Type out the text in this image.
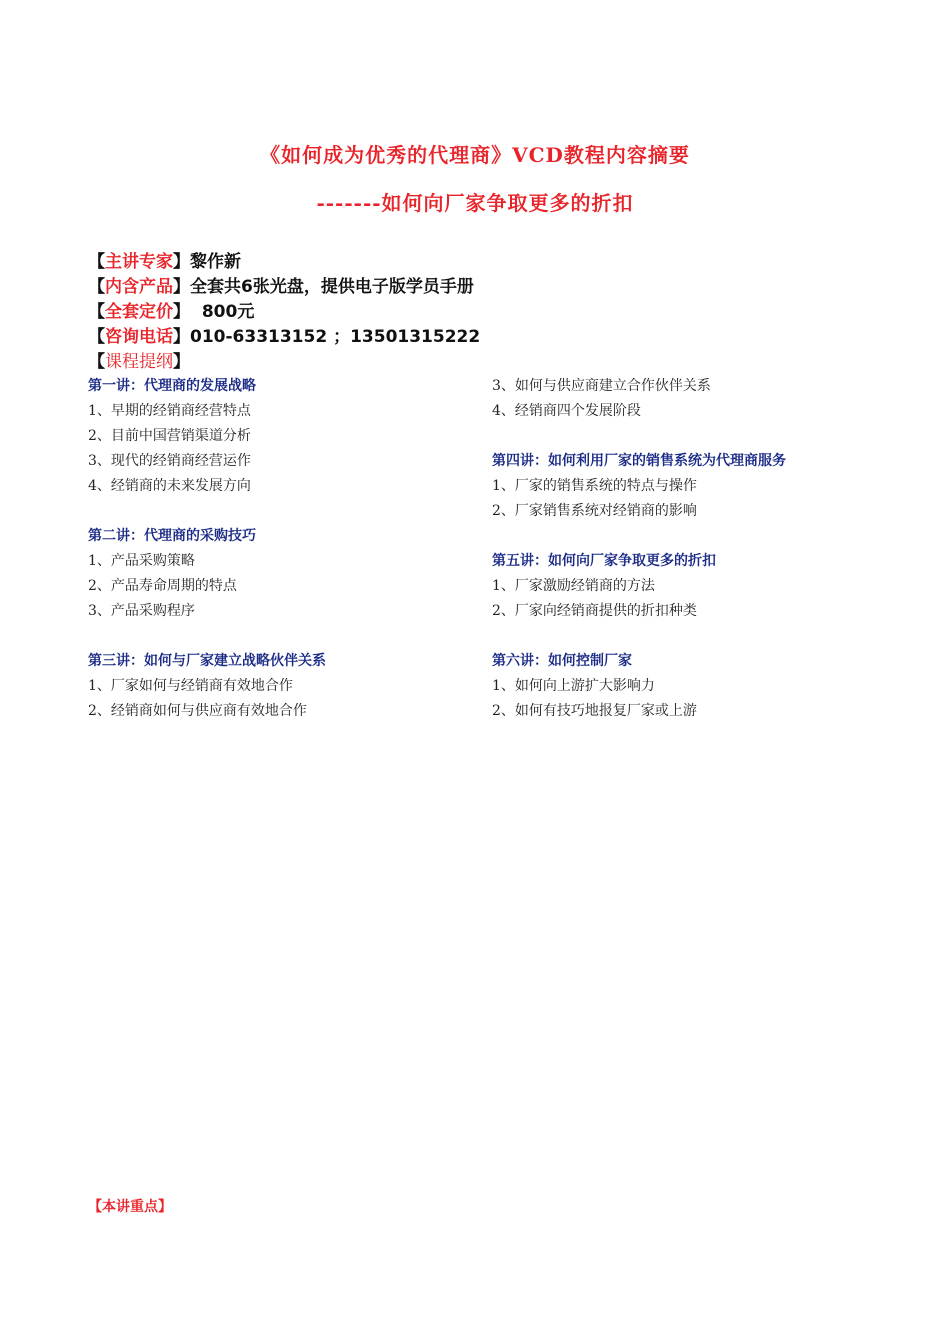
《如何成为优秀的代理商》VCD教程内容摘要
-------如何向厂家争取更多的折扣
【主讲专家】黎作新
【内含产品】全套共6张光盘，提供电子版学员手册
【全套定价】 800元
【咨询电话】010-63313152 ；13501315222
【课程提纲】
第一讲：代理商的发展战略
1、早期的经销商经营特点
2、目前中国营销渠道分析
3、现代的经销商经营运作
4、经销商的未来发展方向
第二讲：代理商的采购技巧
1、产品采购策略
2、产品寿命周期的特点
3、产品采购程序
第三讲：如何与厂家建立战略伙伴关系
1、厂家如何与经销商有效地合作
2、经销商如何与供应商有效地合作
3、如何与供应商建立合作伙伴关系
4、经销商四个发展阶段
第四讲：如何利用厂家的销售系统为代理商服务
1、厂家的销售系统的特点与操作
2、厂家销售系统对经销商的影响
第五讲：如何向厂家争取更多的折扣
1、厂家激励经销商的方法
2、厂家向经销商提供的折扣种类
第六讲：如何控制厂家
1、如何向上游扩大影响力
2、如何有技巧地报复厂家或上游
【本讲重点】
